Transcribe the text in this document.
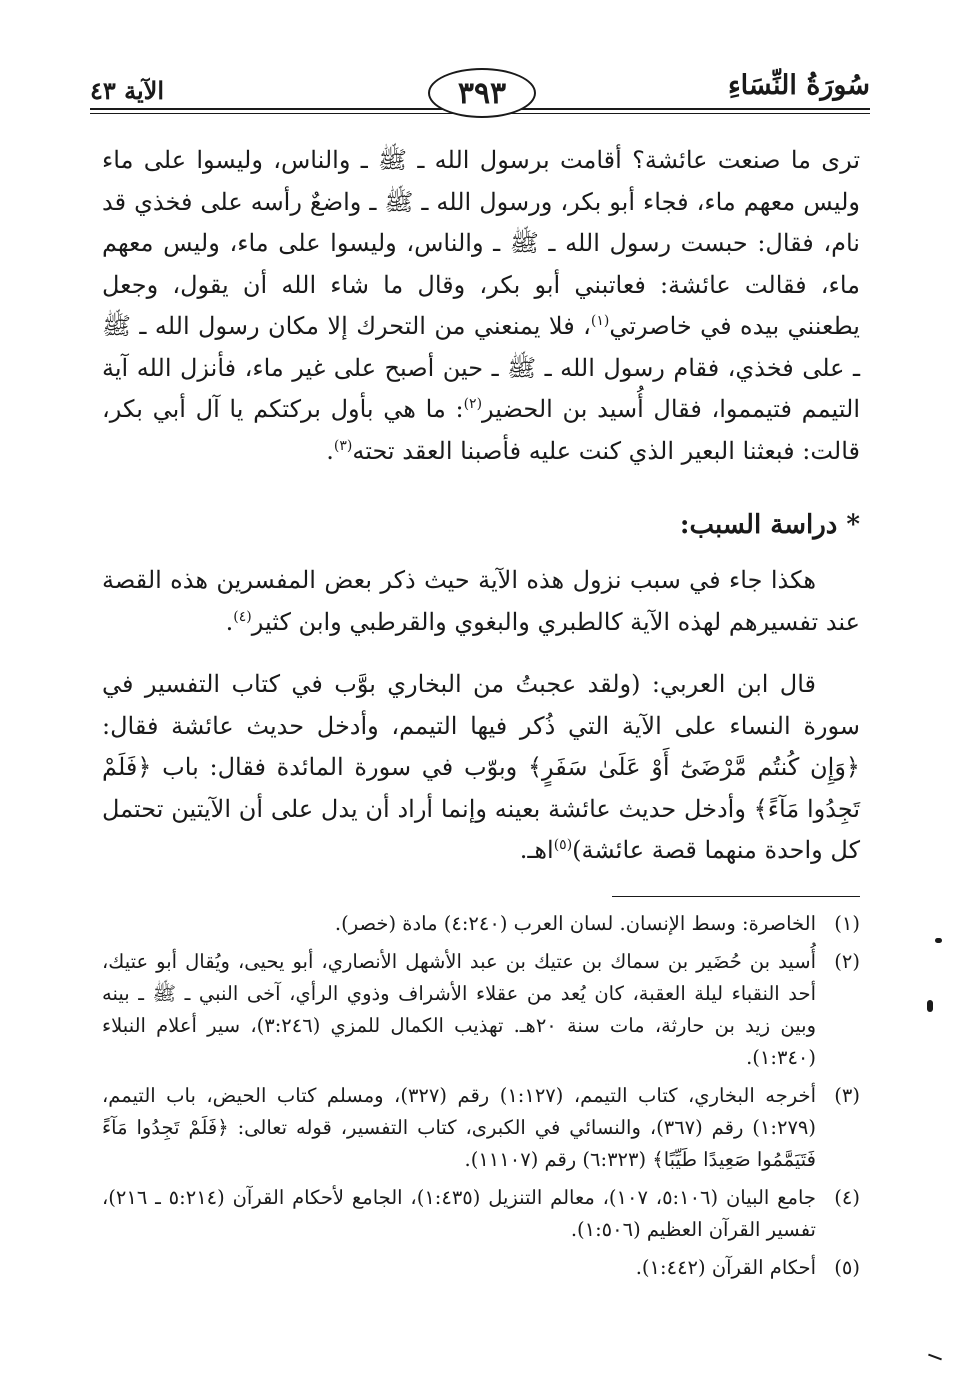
سُورَةُ النِّسَاءِ
٣٩٣
الآية ٤٣
ترى ما صنعت عائشة؟ أقامت برسول الله ـ ﷺ ـ والناس، وليسوا على ماء وليس معهم ماء، فجاء أبو بكر، ورسول الله ـ ﷺ ـ واضعٌ رأسه على فخذي قد نام، فقال: حبست رسول الله ـ ﷺ ـ والناس، وليسوا على ماء، وليس معهم ماء، فقالت عائشة: فعاتبني أبو بكر، وقال ما شاء الله أن يقول، وجعل يطعنني بيده في خاصرتي$^{(١)}$، فلا يمنعني من التحرك إلا مكان رسول الله ـ ﷺ ـ على فخذي، فقام رسول الله ـ ﷺ ـ حين أصبح على غير ماء، فأنزل الله آية التيمم فتيمموا، فقال أُسيد بن الحضير$^{(٢)}$: ما هي بأول بركتكم يا آل أبي بكر، قالت: فبعثنا البعير الذي كنت عليه فأصبنا العقد تحته$^{(٣)}$.
* دراسة السبب:
هكذا جاء في سبب نزول هذه الآية حيث ذكر بعض المفسرين هذه القصة عند تفسيرهم لهذه الآية كالطبري والبغوي والقرطبي وابن كثير$^{(٤)}$.
قال ابن العربي: (ولقد عجبتُ من البخاري بوَّب في كتاب التفسير في سورة النساء على الآية التي ذُكر فيها التيمم، وأدخل حديث عائشة فقال: ﴿وَإِن كُنتُم مَّرْضَىٰٓ أَوْ عَلَىٰ سَفَرٍ﴾ وبوّب في سورة المائدة فقال: باب ﴿فَلَمْ تَجِدُوا مَآءً﴾ وأدخل حديث عائشة بعينه وإنما أراد أن يدل على أن الآيتين تحتمل كل واحدة منهما قصة عائشة)$^{(٥)}$اهـ.
(١)
الخاصرة: وسط الإنسان. لسان العرب (٤:٢٤٠) مادة (خصر).
(٢)
أُسيد بن حُضَير بن سماك بن عتيك بن عبد الأشهل الأنصاري، أبو يحيى، ويُقال أبو عتيك، أحد النقباء ليلة العقبة، كان يُعد من عقلاء الأشراف وذوي الرأي، آخى النبي ـ ﷺ ـ بينه وبين زيد بن حارثة، مات سنة ٢٠هـ. تهذيب الكمال للمزي (٣:٢٤٦)، سير أعلام النبلاء (١:٣٤٠).
(٣)
أخرجه البخاري، كتاب التيمم، (١:١٢٧) رقم (٣٢٧)، ومسلم كتاب الحيض، باب التيمم، (١:٢٧٩) رقم (٣٦٧)، والنسائي في الكبرى، كتاب التفسير، قوله تعالى: ﴿فَلَمْ تَجِدُوا مَآءً فَتَيَمَّمُوا صَعِيدًا طَيِّبًا﴾ (٦:٣٢٣) رقم (١١١٠٧).
(٤)
جامع البيان (٥:١٠٦، ١٠٧)، معالم التنزيل (١:٤٣٥)، الجامع لأحكام القرآن (٥:٢١٤ ـ ٢١٦)، تفسير القرآن العظيم (١:٥٠٦).
(٥)
أحكام القرآن (١:٤٤٢).
